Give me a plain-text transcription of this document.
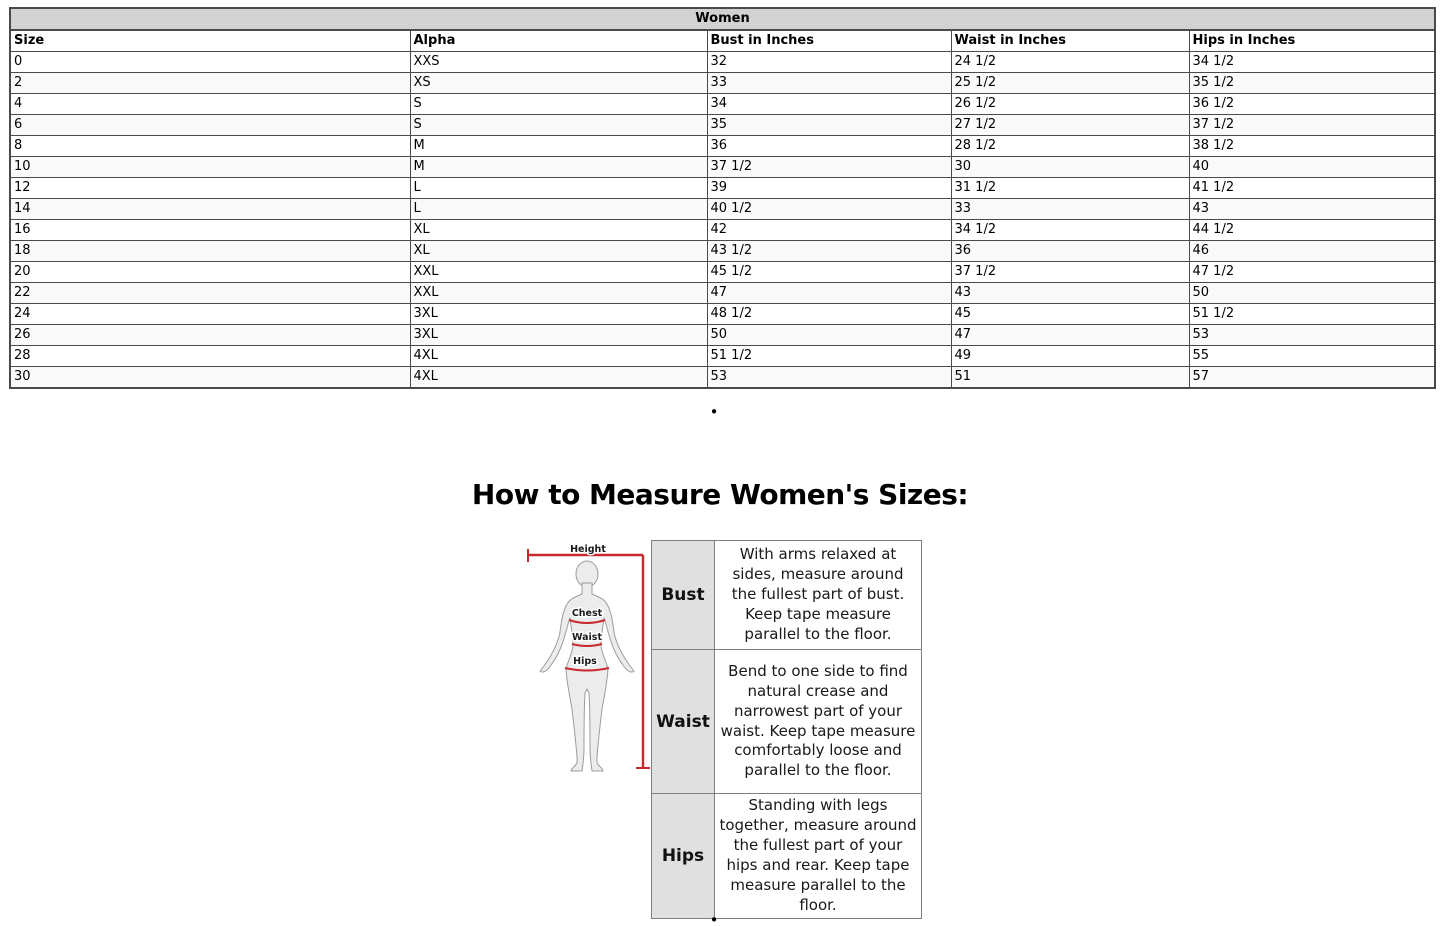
Women				
Size	Alpha	Bust in Inches	Waist in Inches	Hips in Inches
0	XXS	32	24 1/2	34 1/2
2	XS	33	25 1/2	35 1/2
4	S	34	26 1/2	36 1/2
6	S	35	27 1/2	37 1/2
8	M	36	28 1/2	38 1/2
10	M	37 1/2	30	40
12	L	39	31 1/2	41 1/2
14	L	40 1/2	33	43
16	XL	42	34 1/2	44 1/2
18	XL	43 1/2	36	46
20	XXL	45 1/2	37 1/2	47 1/2
22	XXL	47	43	50
24	3XL	48 1/2	45	51 1/2
26	3XL	50	47	53
28	4XL	51 1/2	49	55
30	4XL	53	51	57
•
How to Measure Women's Sizes:
Height
Chest
Waist
Hips
Bust	With arms relaxed at sides, measure around the fullest part of bust. Keep tape measure parallel to the floor.
Waist	Bend to one side to find natural crease and narrowest part of your waist. Keep tape measure comfortably loose and parallel to the floor.
Hips	Standing with legs together, measure around the fullest part of your hips and rear. Keep tape measure parallel to the floor.
•
